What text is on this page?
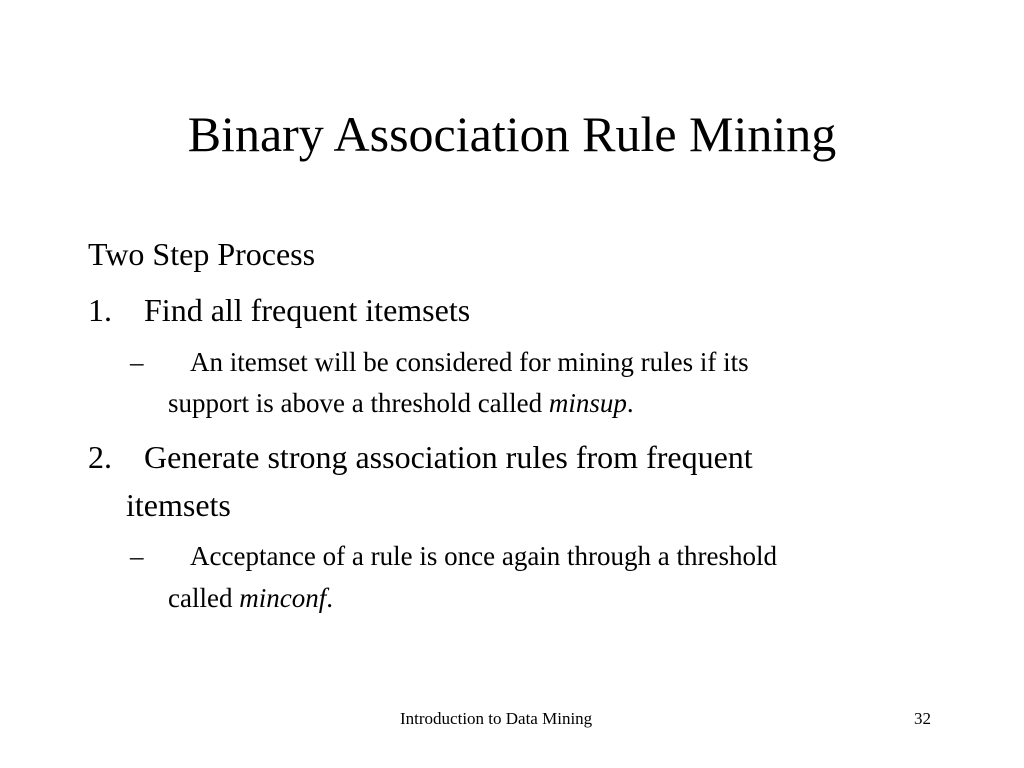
Binary Association Rule Mining
Two Step Process
1. Find all frequent itemsets
– An itemset will be considered for mining rules if its
support is above a threshold called minsup.
2. Generate strong association rules from frequent
itemsets
– Acceptance of a rule is once again through a threshold
called minconf.
Introduction to Data Mining	32
